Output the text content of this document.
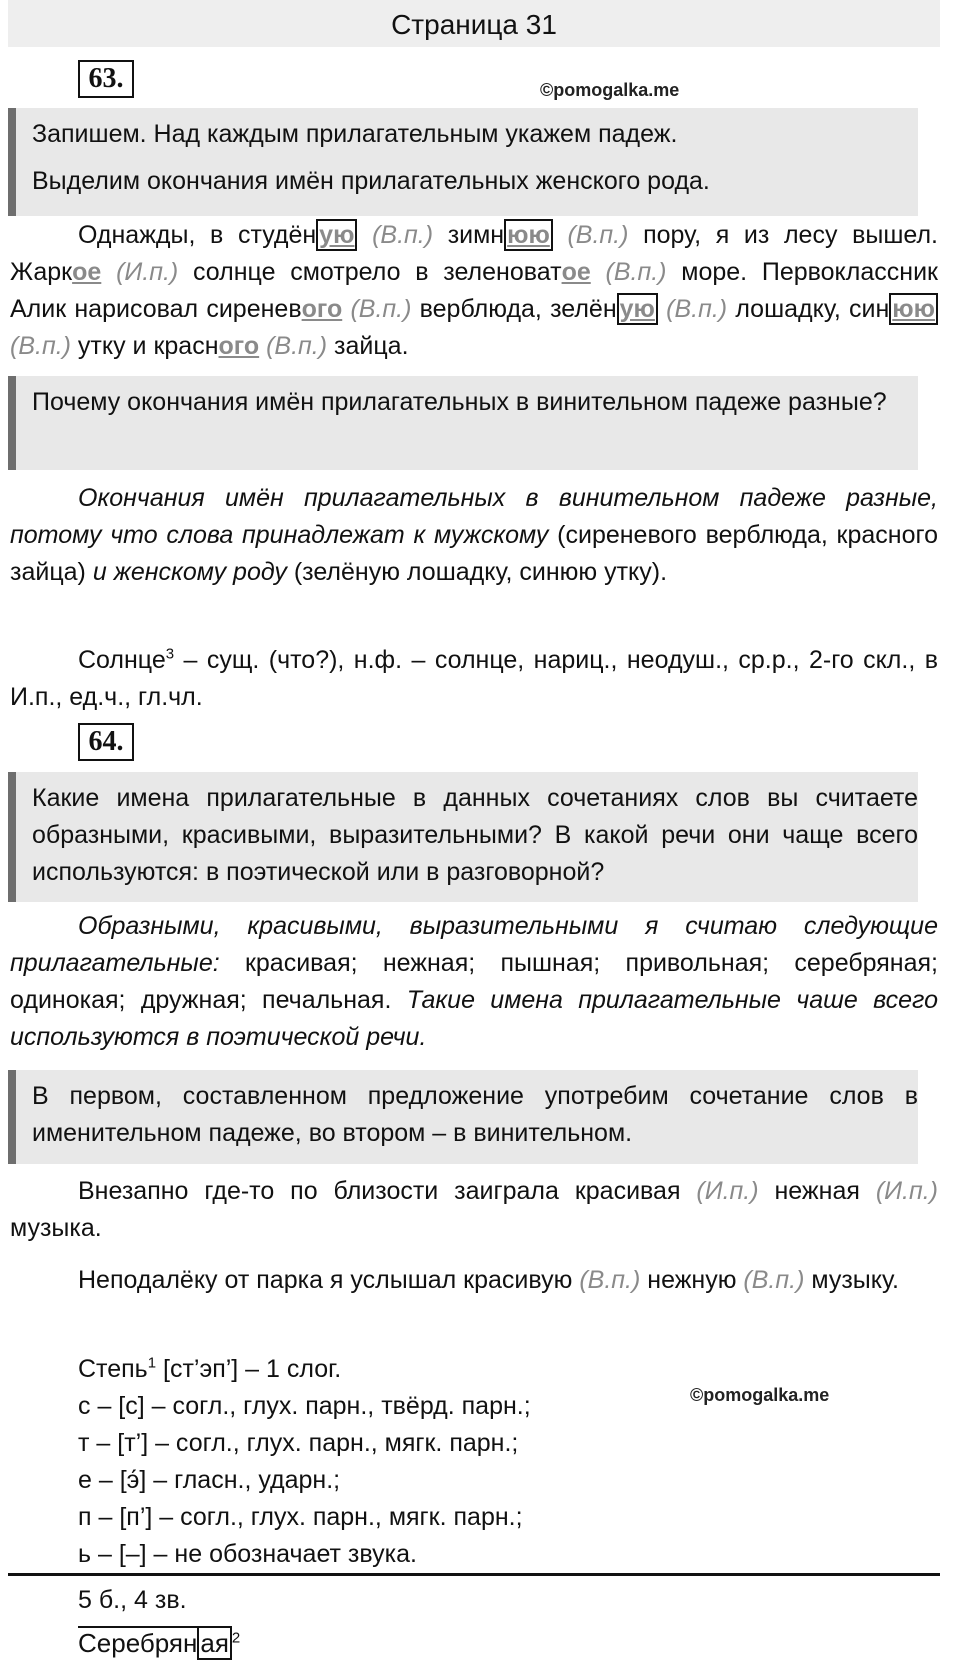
Страница 31
63.	©pomogalka.me

Запишем. Над каждым прилагательным укажем падеж.

Выделим окончания имён прилагательных женского рода.

Однажды, в студён ую (В.п.) зимн юю (В.п.) пору, я из лесу вышел. Жаркое (И.п.) солнце смотрело в зеленоватое (В.п.) море. Первоклассник Алик нарисовал сиреневого (В.п.) верблюда, зелён ую (В.п.) лошадку, син юю (В.п.) утку и красного (В.п.) зайца.

Почему окончания имён прилагательных в винительном падеже разные?

Окончания имён прилагательных в винительном падеже разные, потому что слова принадлежат к мужскому (сиреневого верблюда, красного зайца) и женскому роду (зелёную лошадку, синюю утку).

Солнце$^3$ – сущ. (что?), н.ф. – солнце, нариц., неодуш., ср.р., 2-го скл., в И.п., ед.ч., гл.чл.

64.

Какие имена прилагательные в данных сочетаниях слов вы считаете образными, красивыми, выразительными? В какой речи они чаще всего используются: в поэтической или в разговорной?

Образными, красивыми, выразительными я считаю следующие прилагательные: красивая; нежная; пышная; привольная; серебряная; одинокая; дружная; печальная. Такие имена прилагательные чаше всего используются в поэтической речи.

В первом, составленном предложение употребим сочетание слов в именительном падеже, во втором – в винительном.

Внезапно где-то по близости заиграла красивая (И.п.) нежная (И.п.) музыка.

Неподалёку от парка я услышал красивую (В.п.) нежную (В.п.) музыку.

Степь$^1$ [ст’эп’] – 1 слог.
с – [с] – согл., глух. парн., твёрд. парн.;
т – [т’] – согл., глух. парн., мягк. парн.;
е – [э́] – гласн., ударн.;
п – [п’] – согл., глух. парн., мягк. парн.;
ь – [–] – не обозначает звука.
©pomogalka.me
5 б., 4 зв.
Серебрян ая $^2$
